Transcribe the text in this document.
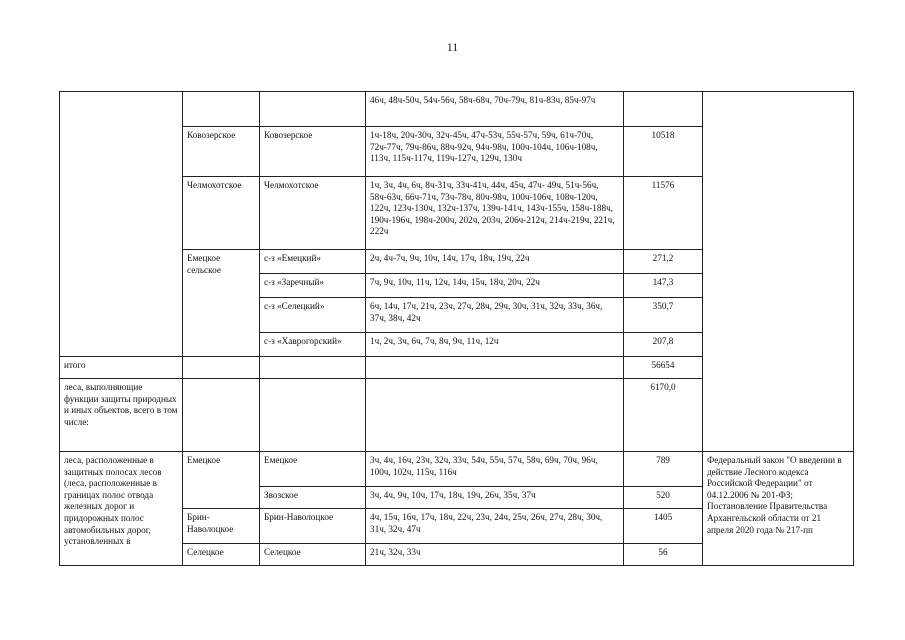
11
			46ч, 48ч-50ч, 54ч-56ч, 58ч-68ч, 70ч-79ч, 81ч-83ч, 85ч-97ч		
	Ковозерское	Ковозерское	1ч-18ч, 20ч-30ч, 32ч-45ч, 47ч-53ч, 55ч-57ч, 59ч, 61ч-70ч, 72ч-77ч, 79ч-86ч, 88ч-92ч, 94ч-98ч, 100ч-104ч, 106ч-108ч, 113ч, 115ч-117ч, 119ч-127ч, 129ч, 130ч	10518	
	Челмохотское	Челмохотское	1ч, 3ч, 4ч, 6ч, 8ч-31ч, 33ч-41ч, 44ч, 45ч, 47ч- 49ч, 51ч-56ч, 58ч-63ч, 66ч-71ч, 73ч-78ч, 80ч-98ч, 100ч-106ч, 108ч-120ч, 122ч, 123ч-130ч, 132ч-137ч, 139ч-141ч, 143ч-155ч, 158ч-188ч, 190ч-196ч, 198ч-200ч, 202ч, 203ч, 206ч-212ч, 214ч-219ч, 221ч, 222ч	11576	
	Емецкое сельское	с-з «Емецкий»	2ч, 4ч-7ч, 9ч, 10ч, 14ч, 17ч, 18ч, 19ч, 22ч	271,2	
		с-з «Заречный»	7ч, 9ч, 10ч, 11ч, 12ч, 14ч, 15ч, 18ч, 20ч, 22ч	147,3	
		с-з «Селецкий»	6ч, 14ч, 17ч, 21ч, 23ч, 27ч, 28ч, 29ч, 30ч, 31ч, 32ч, 33ч, 36ч, 37ч, 38ч, 42ч	350,7	
		с-з «Хаврогорский»	1ч, 2ч, 3ч, 6ч, 7ч, 8ч, 9ч, 11ч, 12ч	207,8	
итого				56654	
леса, выполняющие функции защиты природных и иных объектов, всего в том числе:				6170,0	
леса, расположенные в защитных полосах лесов (леса, расположенные в границах полос отвода железных дорог и придорожных полос автомобильных дорог, установленных в	Емецкое	Емецкое	3ч, 4ч, 16ч, 23ч, 32ч, 33ч, 54ч, 55ч, 57ч, 58ч, 69ч, 70ч, 96ч, 100ч, 102ч, 115ч, 116ч	789	Федеральный закон "О введении в действие Лесного кодекса Российской Федерации" от 04.12.2006 № 201-ФЗ; Постановление Правительства Архангельской области от 21 апреля 2020 года № 217-пп
		Звозское	3ч, 4ч, 9ч, 10ч, 17ч, 18ч, 19ч, 26ч, 35ч, 37ч	520	
	Брин-Наволоцкое	Брин-Наволоцкое	4ч, 15ч, 16ч, 17ч, 18ч, 22ч, 23ч, 24ч, 25ч, 26ч, 27ч, 28ч, 30ч, 31ч, 32ч, 47ч	1405	
	Селецкое	Селецкое	21ч, 32ч, 33ч	56	
